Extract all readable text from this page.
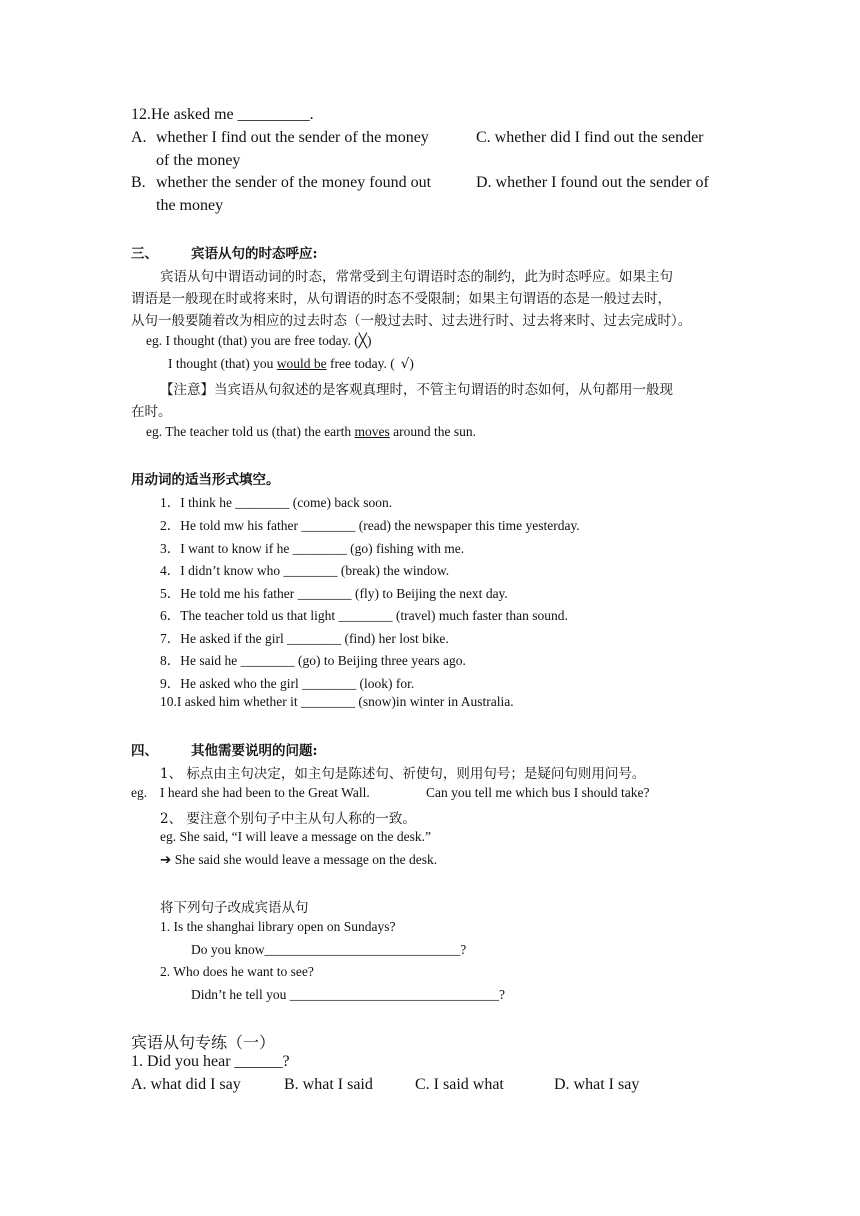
12.He asked me _________.
A. whether I find out the sender of the money	C. whether did I find out the sender
of the money
B. whether the sender of the money found out	D. whether I found out the sender of
the money
三、 宾语从句的时态呼应:
宾语从句中谓语动词的时态，常常受到主句谓语时态的制约，此为时态呼应。如果主句
谓语是一般现在时或将来时，从句谓语的时态不受限制；如果主句谓语的态是一般过去时，
从句一般要随着改为相应的过去时态（一般过去时、过去进行时、过去将来时、过去完成时）。
eg. I thought (that) you are free today. (╳)
I thought (that) you would be free today. ( √)
【注意】当宾语从句叙述的是客观真理时，不管主句谓语的时态如何，从句都用一般现
在时。
eg. The teacher told us (that) the earth moves around the sun.
用动词的适当形式填空。
1．I think he ________ (come) back soon.
2．He told mw his father ________ (read) the newspaper this time yesterday.
3．I want to know if he ________ (go) fishing with me.
4．I didn’t know who ________ (break) the window.
5．He told me his father ________ (fly) to Beijing the next day.
6．The teacher told us that light ________ (travel) much faster than sound.
7．He asked if the girl ________ (find) her lost bike.
8．He said he ________ (go) to Beijing three years ago.
9．He asked who the girl ________ (look) for.
10.I asked him whether it ________ (snow)in winter in Australia.
四、 其他需要说明的问题:
1、 标点由主句决定，如主句是陈述句、祈使句，则用句号；是疑问句则用问号。
eg. I heard she had been to the Great Wall.	Can you tell me which bus I should take?
2、 要注意个别句子中主从句人称的一致。
eg. She said, “I will leave a message on the desk.”
➔ She said she would leave a message on the desk.
将下列句子改成宾语从句
1. Is the shanghai library open on Sundays?
Do you know_____________________________?
2. Who does he want to see?
Didn’t he tell you _______________________________?
宾语从句专练（一）
1. Did you hear ______?
A. what did I say	B. what I said	C. I said what	D. what I say
